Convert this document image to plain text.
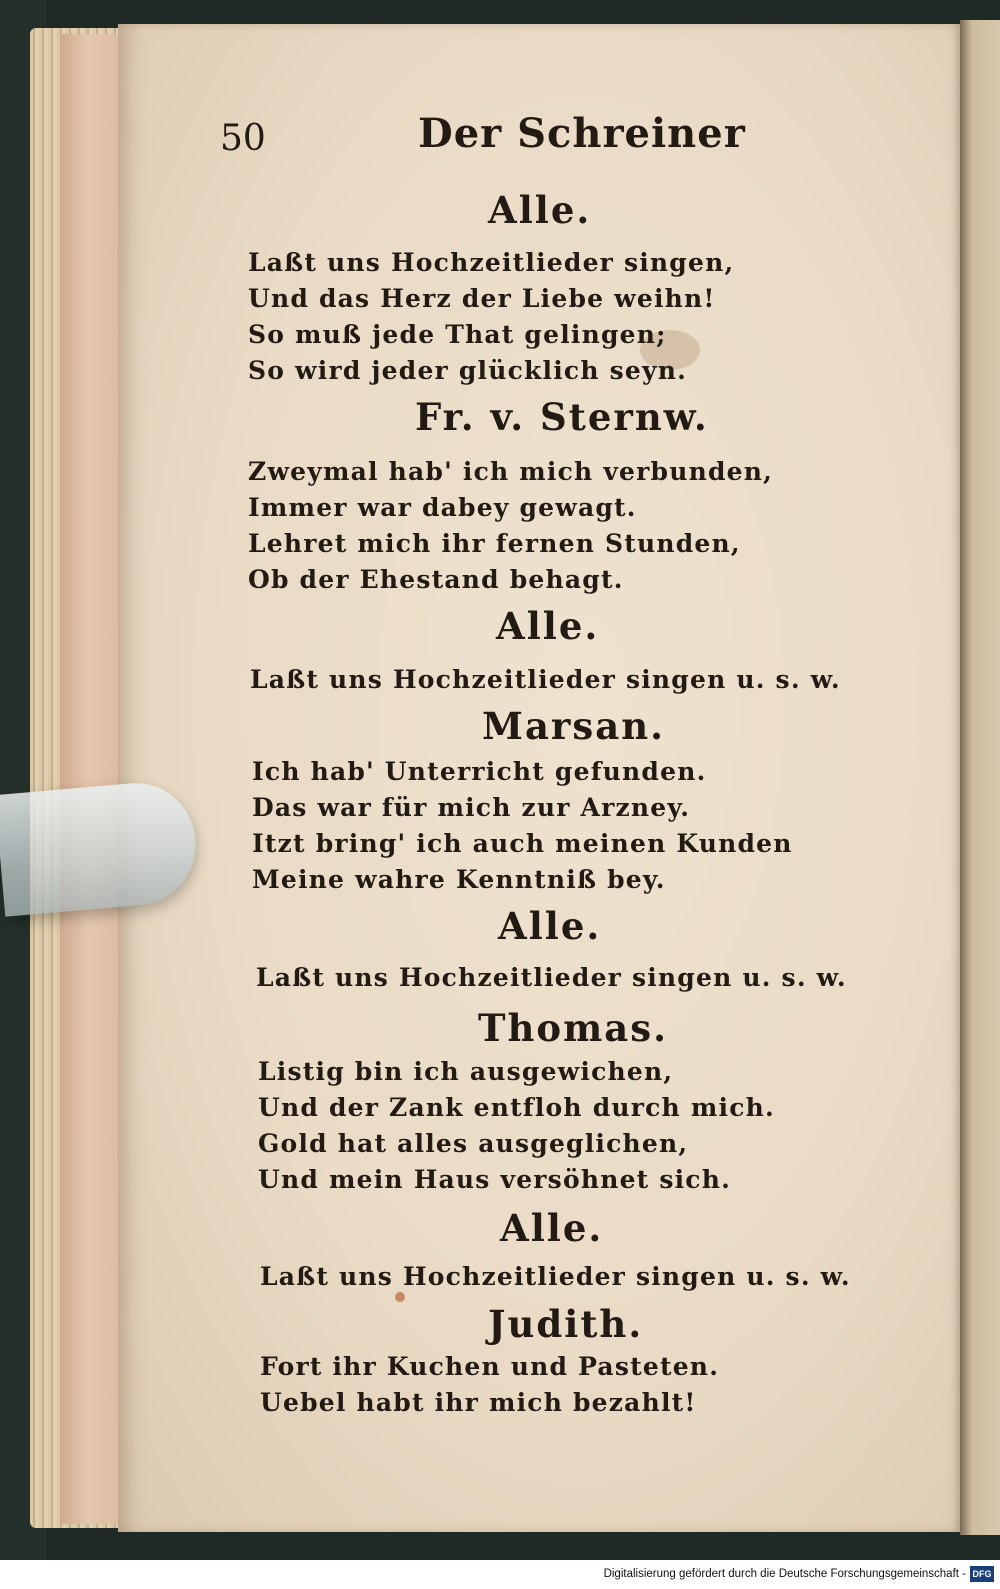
50	Der Schreiner
Alle.
Laßt uns Hochzeitlieder singen,
Und das Herz der Liebe weihn!
So muß jede That gelingen;
So wird jeder glücklich seyn.
Fr. v. Sternw.
Zweymal hab' ich mich verbunden,
Immer war dabey gewagt.
Lehret mich ihr fernen Stunden,
Ob der Ehestand behagt.
Alle.
Laßt uns Hochzeitlieder singen u. s. w.
Marsan.
Ich hab' Unterricht gefunden.
Das war für mich zur Arzney.
Itzt bring' ich auch meinen Kunden
Meine wahre Kenntniß bey.
Alle.
Laßt uns Hochzeitlieder singen u. s. w.
Thomas.
Listig bin ich ausgewichen,
Und der Zank entfloh durch mich.
Gold hat alles ausgeglichen,
Und mein Haus versöhnet sich.
Alle.
Laßt uns Hochzeitlieder singen u. s. w.
Judith.
Fort ihr Kuchen und Pasteten.
Uebel habt ihr mich bezahlt!
Digitalisierung gefördert durch die Deutsche Forschungsgemeinschaft - DFG
